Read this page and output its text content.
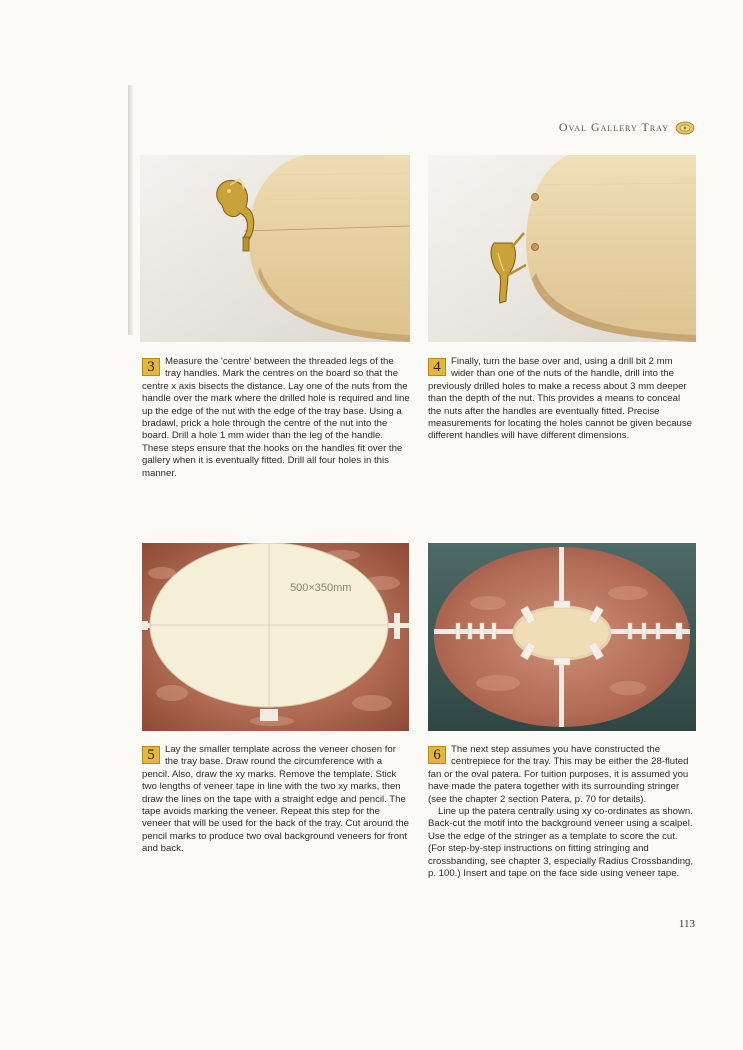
Oval Gallery Tray
500×350mm
3	Measure the 'centre' between the threaded legs of the tray handles. Mark the centres on the board so that the centre x axis bisects the distance. Lay one of the nuts from the handle over the mark where the drilled hole is required and line up the edge of the nut with the edge of the tray base. Using a bradawl, prick a hole through the centre of the nut into the board. Drill a hole 1 mm wider than the leg of the handle. These steps ensure that the hooks on the handles fit over the gallery when it is eventually fitted. Drill all four holes in this manner.

4	Finally, turn the base over and, using a drill bit 2 mm wider than one of the nuts of the handle, drill into the previously drilled holes to make a recess about 3 mm deeper than the depth of the nut. This provides a means to conceal the nuts after the handles are eventually fitted. Precise measurements for locating the holes cannot be given because different handles will have different dimensions.

5	Lay the smaller template across the veneer chosen for the tray base. Draw round the circumference with a pencil. Also, draw the xy marks. Remove the template. Stick two lengths of veneer tape in line with the two xy marks, then draw the lines on the tape with a straight edge and pencil. The tape avoids marking the veneer. Repeat this step for the veneer that will be used for the back of the tray. Cut around the pencil marks to produce two oval background veneers for front and back.

6	The next step assumes you have constructed the centrepiece for the tray. This may be either the 28-fluted fan or the oval patera. For tuition purposes, it is assumed you have made the patera together with its surrounding stringer (see the chapter 2 section Patera, p. 70 for details).

Line up the patera centrally using xy co-ordinates as shown. Back-cut the motif into the background veneer using a scalpel. Use the edge of the stringer as a template to score the cut. (For step-by-step instructions on fitting stringing and crossbanding, see chapter 3, especially Radius Crossbanding, p. 100.) Insert and tape on the face side using veneer tape.

113
